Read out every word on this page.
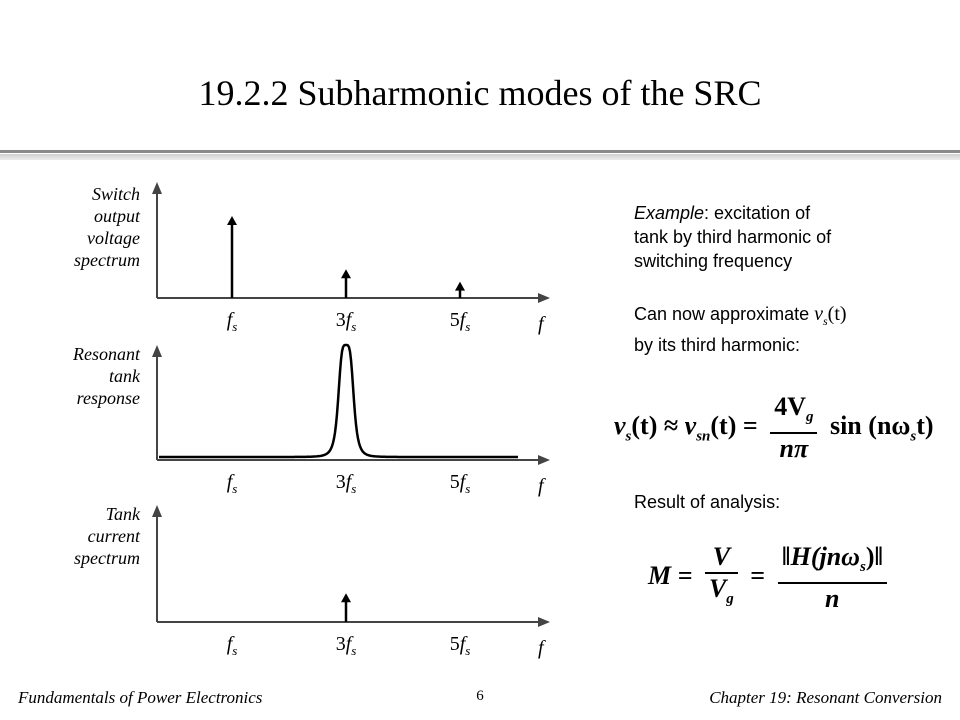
19.2.2 Subharmonic modes of the SRC
Switch
output
voltage
spectrum
$f_s$	$3f_s$	$5f_s$	f
Resonant
tank
response
$f_s$	$3f_s$	$5f_s$	f
Tank
current
spectrum
$f_s$	$3f_s$	$5f_s$	f
Example: excitation of
tank by third harmonic of
switching frequency
Can now approximate $v_s(t)$
by its third harmonic:
$v_s(t) \approx v_{sn}(t) = \frac{4V_g}{n\pi}$ $\sin (n\omega_st)$
Result of analysis:
$M = \frac{V}{V_g} = \frac{‖H(jn\omega_s)‖}{n}$
Fundamentals of Power Electronics	6	Chapter 19: Resonant Conversion
